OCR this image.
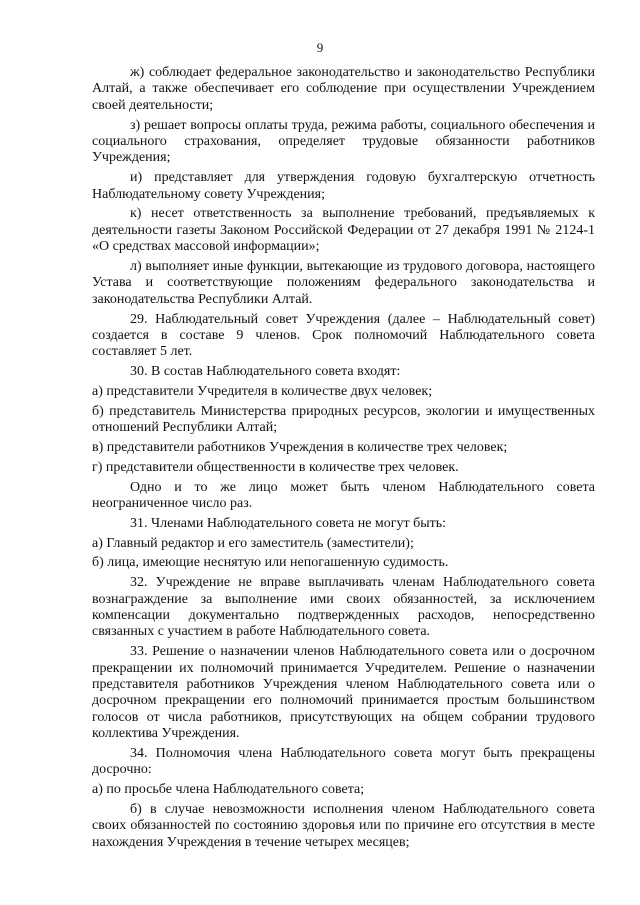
9

ж) соблюдает федеральное законодательство и законодательство Республики Алтай, а также обеспечивает его соблюдение при осуществлении Учреждением своей деятельности;

з) решает вопросы оплаты труда, режима работы, социального обеспечения и социального страхования, определяет трудовые обязанности работников Учреждения;

и) представляет для утверждения годовую бухгалтерскую отчетность Наблюдательному совету Учреждения;

к) несет ответственность за выполнение требований, предъявляемых к деятельности газеты Законом Российской Федерации от 27 декабря 1991 № 2124-1 «О средствах массовой информации»;

л) выполняет иные функции, вытекающие из трудового договора, настоящего Устава и соответствующие положениям федерального законодательства и законодательства Республики Алтай.

29. Наблюдательный совет Учреждения (далее – Наблюдательный совет) создается в составе 9 членов. Срок полномочий Наблюдательного совета составляет 5 лет.

30. В состав Наблюдательного совета входят:

а) представители Учредителя в количестве двух человек;

б) представитель Министерства природных ресурсов, экологии и имущественных отношений Республики Алтай;

в) представители работников Учреждения в количестве трех человек;

г) представители общественности в количестве трех человек.

Одно и то же лицо может быть членом Наблюдательного совета неограниченное число раз.

31. Членами Наблюдательного совета не могут быть:

а) Главный редактор и его заместитель (заместители);

б) лица, имеющие неснятую или непогашенную судимость.

32. Учреждение не вправе выплачивать членам Наблюдательного совета вознаграждение за выполнение ими своих обязанностей, за исключением компенсации документально подтвержденных расходов, непосредственно связанных с участием в работе Наблюдательного совета.

33. Решение о назначении членов Наблюдательного совета или о досрочном прекращении их полномочий принимается Учредителем. Решение о назначении представителя работников Учреждения членом Наблюдательного совета или о досрочном прекращении его полномочий принимается простым большинством голосов от числа работников, присутствующих на общем собрании трудового коллектива Учреждения.

34. Полномочия члена Наблюдательного совета могут быть прекращены досрочно:

а) по просьбе члена Наблюдательного совета;

б) в случае невозможности исполнения членом Наблюдательного совета своих обязанностей по состоянию здоровья или по причине его отсутствия в месте нахождения Учреждения в течение четырех месяцев;
